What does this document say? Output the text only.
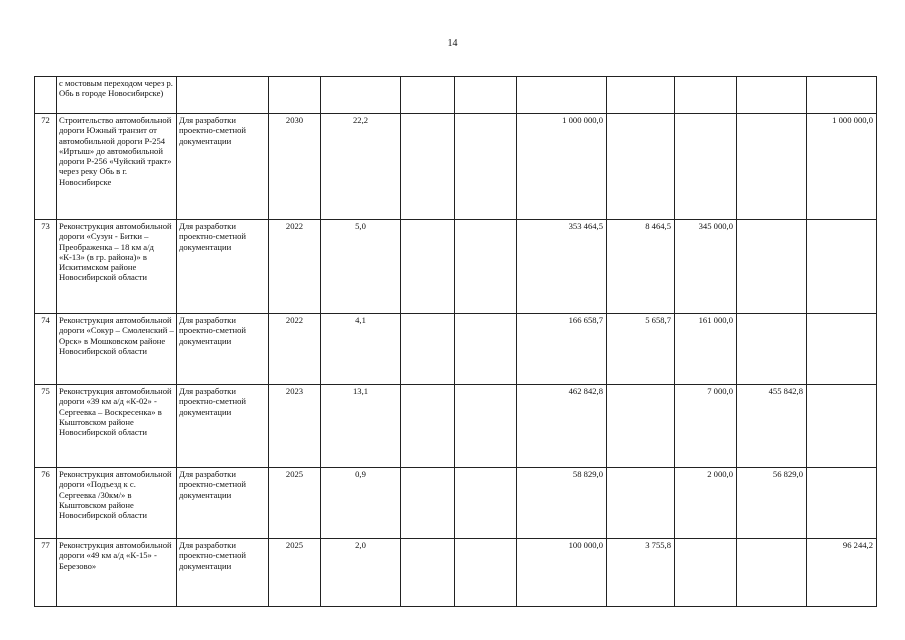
14
	с мостовым переходом через р. Обь в городе Новосибирске)										
72	Строительство автомобильной дороги Южный транзит от автомобильной дороги Р-254 «Иртыш» до автомобильной дороги Р-256 «Чуйский тракт» через реку Обь в г. Новосибирске	Для разработки проектно-сметной документации	2030	22,2			1 000 000,0				1 000 000,0
73	Реконструкция автомобильной дороги «Сузун - Битки – Преображенка – 18 км а/д «К-13» (в гр. района)» в Искитимском районе Новосибирской области	Для разработки проектно-сметной документации	2022	5,0			353 464,5	8 464,5	345 000,0		
74	Реконструкция автомобильной дороги «Сокур – Смоленский – Орск» в Мошковском районе Новосибирской области	Для разработки проектно-сметной документации	2022	4,1			166 658,7	5 658,7	161 000,0		
75	Реконструкция автомобильной дороги «39 км а/д «К-02» - Сергеевка – Воскресенка» в Кыштовском районе Новосибирской области	Для разработки проектно-сметной документации	2023	13,1			462 842,8		7 000,0	455 842,8	
76	Реконструкция автомобильной дороги «Подъезд к с. Сергеевка /30км/» в Кыштовском районе Новосибирской области	Для разработки проектно-сметной документации	2025	0,9			58 829,0		2 000,0	56 829,0	
77	Реконструкция автомобильной дороги «49 км а/д «К-15» - Березово»	Для разработки проектно-сметной документации	2025	2,0			100 000,0	3 755,8			96 244,2
